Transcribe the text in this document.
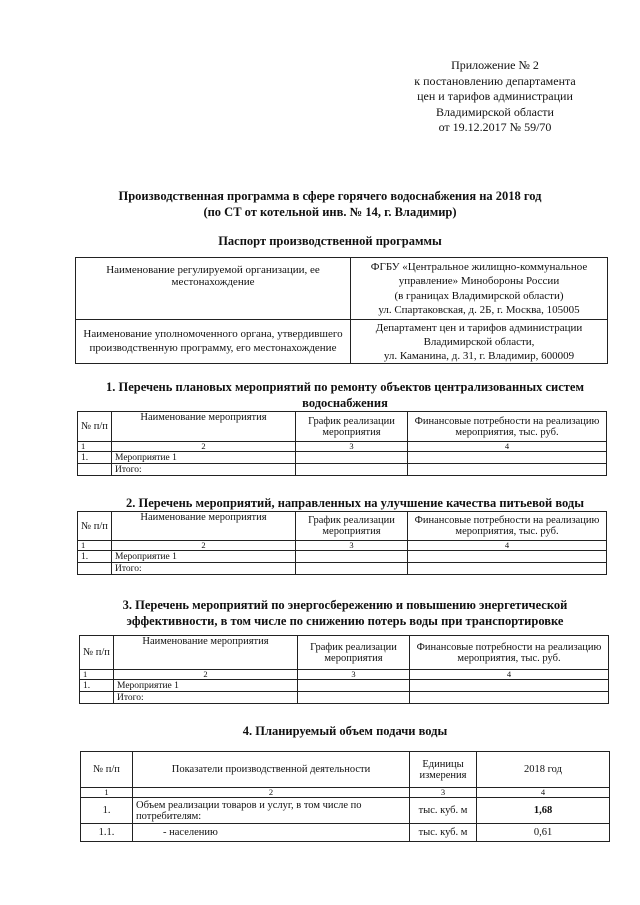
Приложение № 2
к постановлению департамента
цен и тарифов администрации
Владимирской области
от 19.12.2017 № 59/70
Производственная программа в сфере горячего водоснабжения на 2018 год
(по СТ от котельной инв. № 14, г. Владимир)
Паспорт производственной программы
Наименование регулируемой организации, ее местонахождение	ФГБУ «Центральное жилищно-коммунальное
управление» Минобороны России
(в границах Владимирской области)
ул. Спартаковская, д. 2Б, г. Москва, 105005

Наименование уполномоченного органа, утвердившего производственную программу, его местонахождение	Департамент цен и тарифов администрации
Владимирской области,
ул. Каманина, д. 31, г. Владимир, 600009
1. Перечень плановых мероприятий по ремонту объектов централизованных систем водоснабжения
№ п/п	Наименование мероприятия	График реализации мероприятия	Финансовые потребности на реализацию мероприятия, тыс. руб.
1	2	3	4
1.	Мероприятие 1		
	Итого:		
2. Перечень мероприятий, направленных на улучшение качества питьевой воды
№ п/п	Наименование мероприятия	График реализации мероприятия	Финансовые потребности на реализацию мероприятия, тыс. руб.
1	2	3	4
1.	Мероприятие 1		
	Итого:		
3. Перечень мероприятий по энергосбережению и повышению энергетической
эффективности, в том числе по снижению потерь воды при транспортировке
№ п/п	Наименование мероприятия	График реализации мероприятия	Финансовые потребности на реализацию мероприятия, тыс. руб.
1	2	3	4
1.	Мероприятие 1		
	Итого:		
4. Планируемый объем подачи воды
№ п/п	Показатели производственной деятельности	Единицы измерения	2018 год
1	2	3	4
1.	Объем реализации товаров и услуг, в том числе по потребителям:	тыс. куб. м	1,68
1.1.	- населению	тыс. куб. м	0,61
